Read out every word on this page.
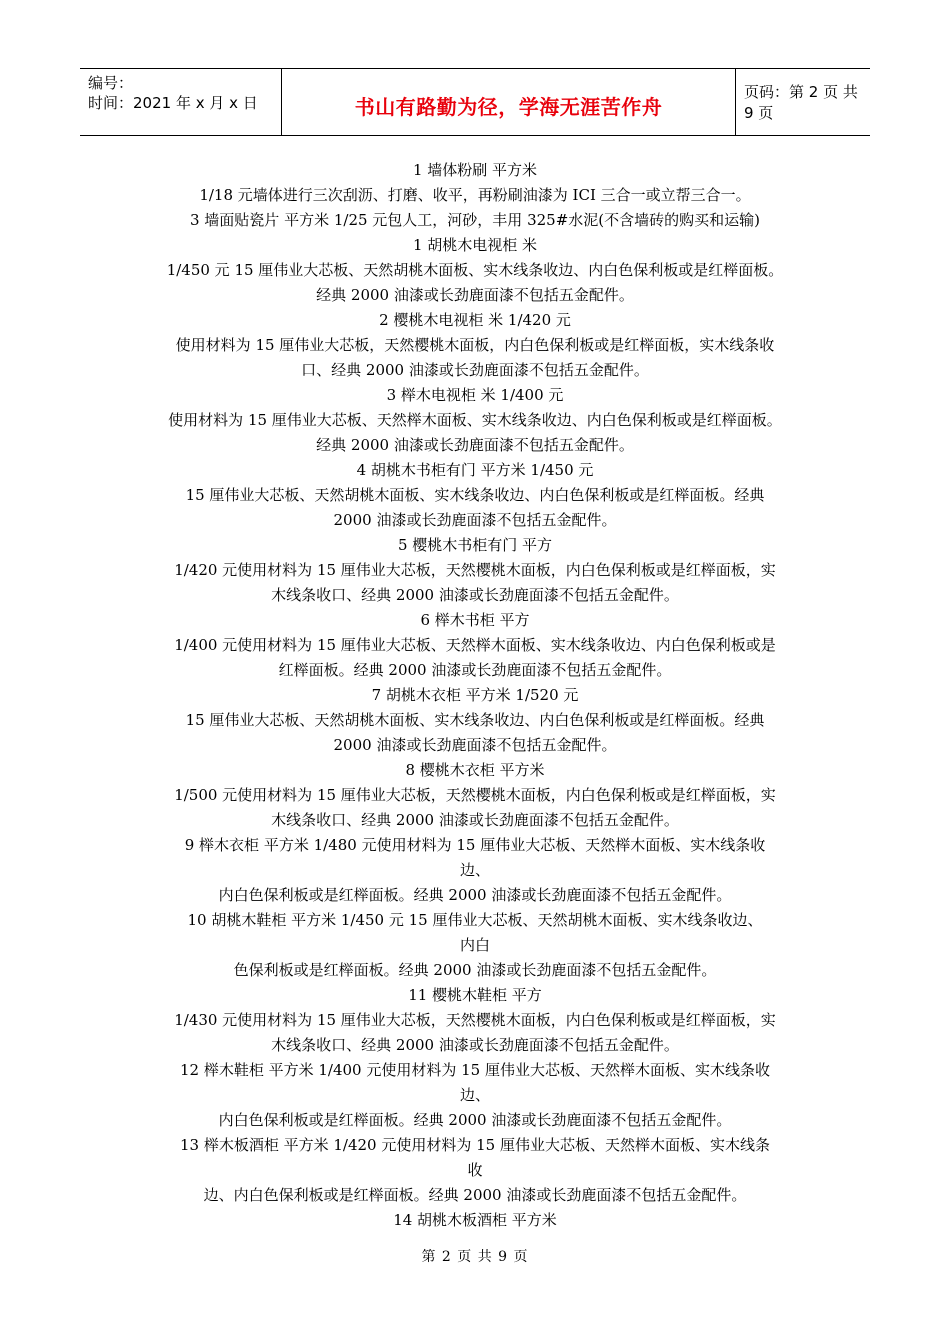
编号：
时间：2021 年 x 月 x 日	书山有路勤为径，学海无涯苦作舟
页码：第 2 页 共 9 页
1 墙体粉刷 平方米
1/18 元墙体进行三次刮沥、打磨、收平，再粉刷油漆为 ICI 三合一或立帮三合一。
3 墙面贴瓷片 平方米 1/25 元包人工，河砂，丰用 325#水泥(不含墙砖的购买和运输)
1 胡桃木电视柜 米
1/450 元 15 厘伟业大芯板、天然胡桃木面板、实木线条收边、内白色保利板或是红榉面板。
经典 2000 油漆或长劲鹿面漆不包括五金配件。
2 樱桃木电视柜 米 1/420 元
使用材料为 15 厘伟业大芯板，天然樱桃木面板，内白色保利板或是红榉面板，实木线条收
口、经典 2000 油漆或长劲鹿面漆不包括五金配件。
3 榉木电视柜 米 1/400 元
使用材料为 15 厘伟业大芯板、天然榉木面板、实木线条收边、内白色保利板或是红榉面板。
经典 2000 油漆或长劲鹿面漆不包括五金配件。
4 胡桃木书柜有门 平方米 1/450 元
15 厘伟业大芯板、天然胡桃木面板、实木线条收边、内白色保利板或是红榉面板。经典
2000 油漆或长劲鹿面漆不包括五金配件。
5 樱桃木书柜有门 平方
1/420 元使用材料为 15 厘伟业大芯板，天然樱桃木面板，内白色保利板或是红榉面板，实
木线条收口、经典 2000 油漆或长劲鹿面漆不包括五金配件。
6 榉木书柜 平方
1/400 元使用材料为 15 厘伟业大芯板、天然榉木面板、实木线条收边、内白色保利板或是
红榉面板。经典 2000 油漆或长劲鹿面漆不包括五金配件。
7 胡桃木衣柜 平方米 1/520 元
15 厘伟业大芯板、天然胡桃木面板、实木线条收边、内白色保利板或是红榉面板。经典
2000 油漆或长劲鹿面漆不包括五金配件。
8 樱桃木衣柜 平方米
1/500 元使用材料为 15 厘伟业大芯板，天然樱桃木面板，内白色保利板或是红榉面板，实
木线条收口、经典 2000 油漆或长劲鹿面漆不包括五金配件。
9 榉木衣柜 平方米 1/480 元使用材料为 15 厘伟业大芯板、天然榉木面板、实木线条收
边、
内白色保利板或是红榉面板。经典 2000 油漆或长劲鹿面漆不包括五金配件。
10 胡桃木鞋柜 平方米 1/450 元 15 厘伟业大芯板、天然胡桃木面板、实木线条收边、
内白
色保利板或是红榉面板。经典 2000 油漆或长劲鹿面漆不包括五金配件。
11 樱桃木鞋柜 平方
1/430 元使用材料为 15 厘伟业大芯板，天然樱桃木面板，内白色保利板或是红榉面板，实
木线条收口、经典 2000 油漆或长劲鹿面漆不包括五金配件。
12 榉木鞋柜 平方米 1/400 元使用材料为 15 厘伟业大芯板、天然榉木面板、实木线条收
边、
内白色保利板或是红榉面板。经典 2000 油漆或长劲鹿面漆不包括五金配件。
13 榉木板酒柜 平方米 1/420 元使用材料为 15 厘伟业大芯板、天然榉木面板、实木线条
收
边、内白色保利板或是红榉面板。经典 2000 油漆或长劲鹿面漆不包括五金配件。
14 胡桃木板酒柜 平方米
第 2 页 共 9 页
